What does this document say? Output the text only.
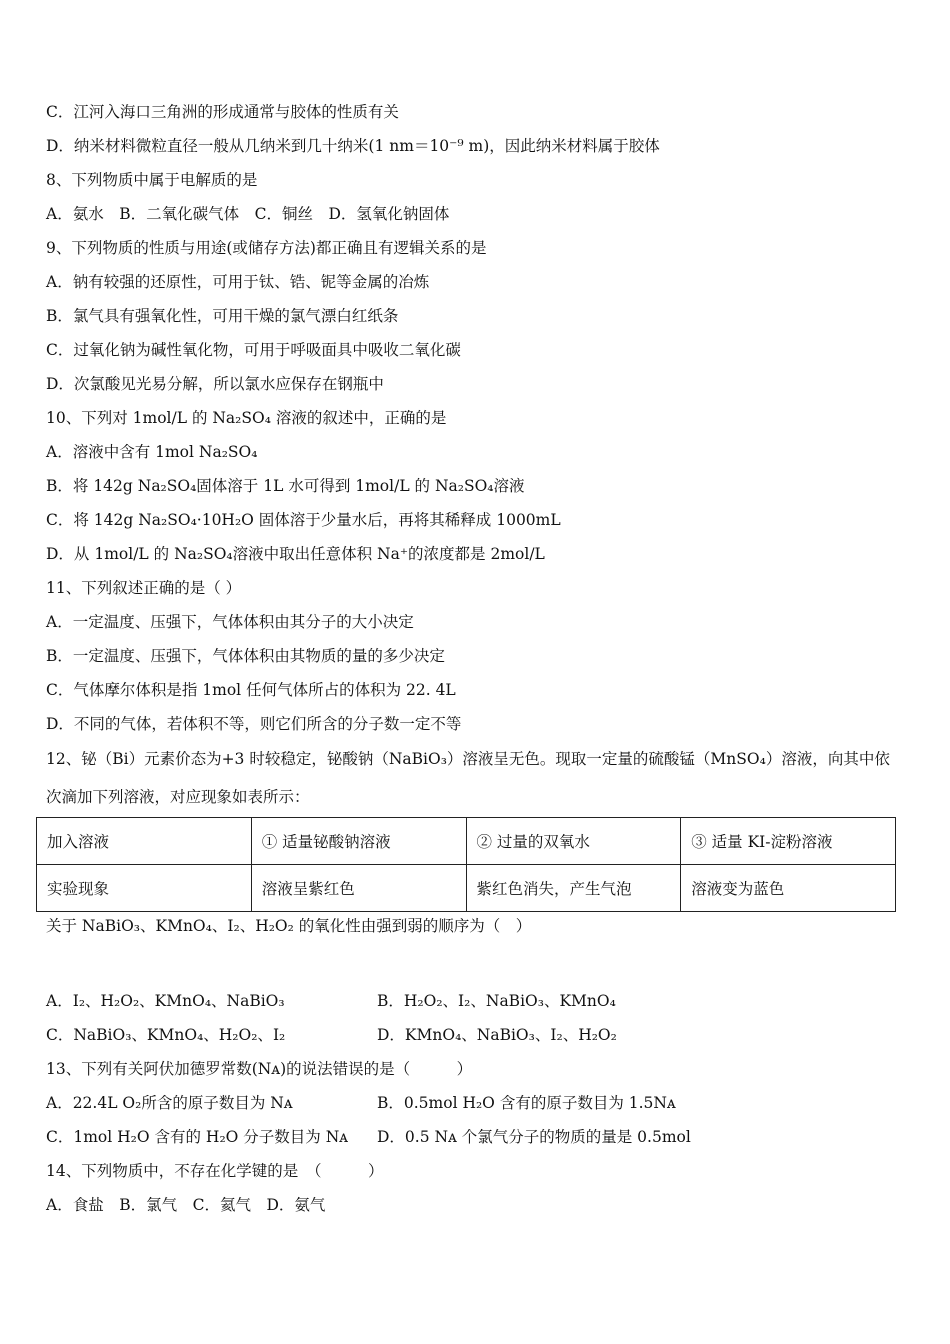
C．江河入海口三角洲的形成通常与胶体的性质有关
D．纳米材料微粒直径一般从几纳米到几十纳米(1 nm＝10⁻⁹ m)，因此纳米材料属于胶体
8、下列物质中属于电解质的是
A．氨水　B．二氧化碳气体　C．铜丝　D．氢氧化钠固体
9、下列物质的性质与用途(或储存方法)都正确且有逻辑关系的是
A．钠有较强的还原性，可用于钛、锆、铌等金属的冶炼
B．氯气具有强氧化性，可用干燥的氯气漂白红纸条
C．过氧化钠为碱性氧化物，可用于呼吸面具中吸收二氧化碳
D．次氯酸见光易分解，所以氯水应保存在钢瓶中
10、下列对 1mol/L 的 Na₂SO₄ 溶液的叙述中，正确的是
A．溶液中含有 1mol Na₂SO₄
B．将 142g Na₂SO₄固体溶于 1L 水可得到 1mol/L 的 Na₂SO₄溶液
C．将 142g Na₂SO₄·10H₂O 固体溶于少量水后，再将其稀释成 1000mL
D．从 1mol/L 的 Na₂SO₄溶液中取出任意体积 Na⁺的浓度都是 2mol/L
11、下列叙述正确的是（ ）
A．一定温度、压强下，气体体积由其分子的大小决定
B．一定温度、压强下，气体体积由其物质的量的多少决定
C．气体摩尔体积是指 1mol 任何气体所占的体积为 22. 4L
D．不同的气体，若体积不等，则它们所含的分子数一定不等
12、铋（Bi）元素价态为+3 时较稳定，铋酸钠（NaBiO₃）溶液呈无色。现取一定量的硫酸锰（MnSO₄）溶液，向其中依
次滴加下列溶液，对应现象如表所示：
加入溶液	① 适量铋酸钠溶液	② 过量的双氧水	③ 适量 KI-淀粉溶液
实验现象	溶液呈紫红色	紫红色消失，产生气泡	溶液变为蓝色
关于 NaBiO₃、KMnO₄、I₂、H₂O₂ 的氧化性由强到弱的顺序为（　）
A．I₂、H₂O₂、KMnO₄、NaBiO₃	B．H₂O₂、I₂、NaBiO₃、KMnO₄
C．NaBiO₃、KMnO₄、H₂O₂、I₂	D．KMnO₄、NaBiO₃、I₂、H₂O₂
13、下列有关阿伏加德罗常数(Nᴀ)的说法错误的是（　　　）
A．22.4L O₂所含的原子数目为 Nᴀ	B．0.5mol H₂O 含有的原子数目为 1.5Nᴀ
C．1mol H₂O 含有的 H₂O 分子数目为 Nᴀ D．0.5 Nᴀ 个氯气分子的物质的量是 0.5mol
14、下列物质中，不存在化学键的是　（　　　）
A．食盐　B．氯气　C．氦气　D．氨气
